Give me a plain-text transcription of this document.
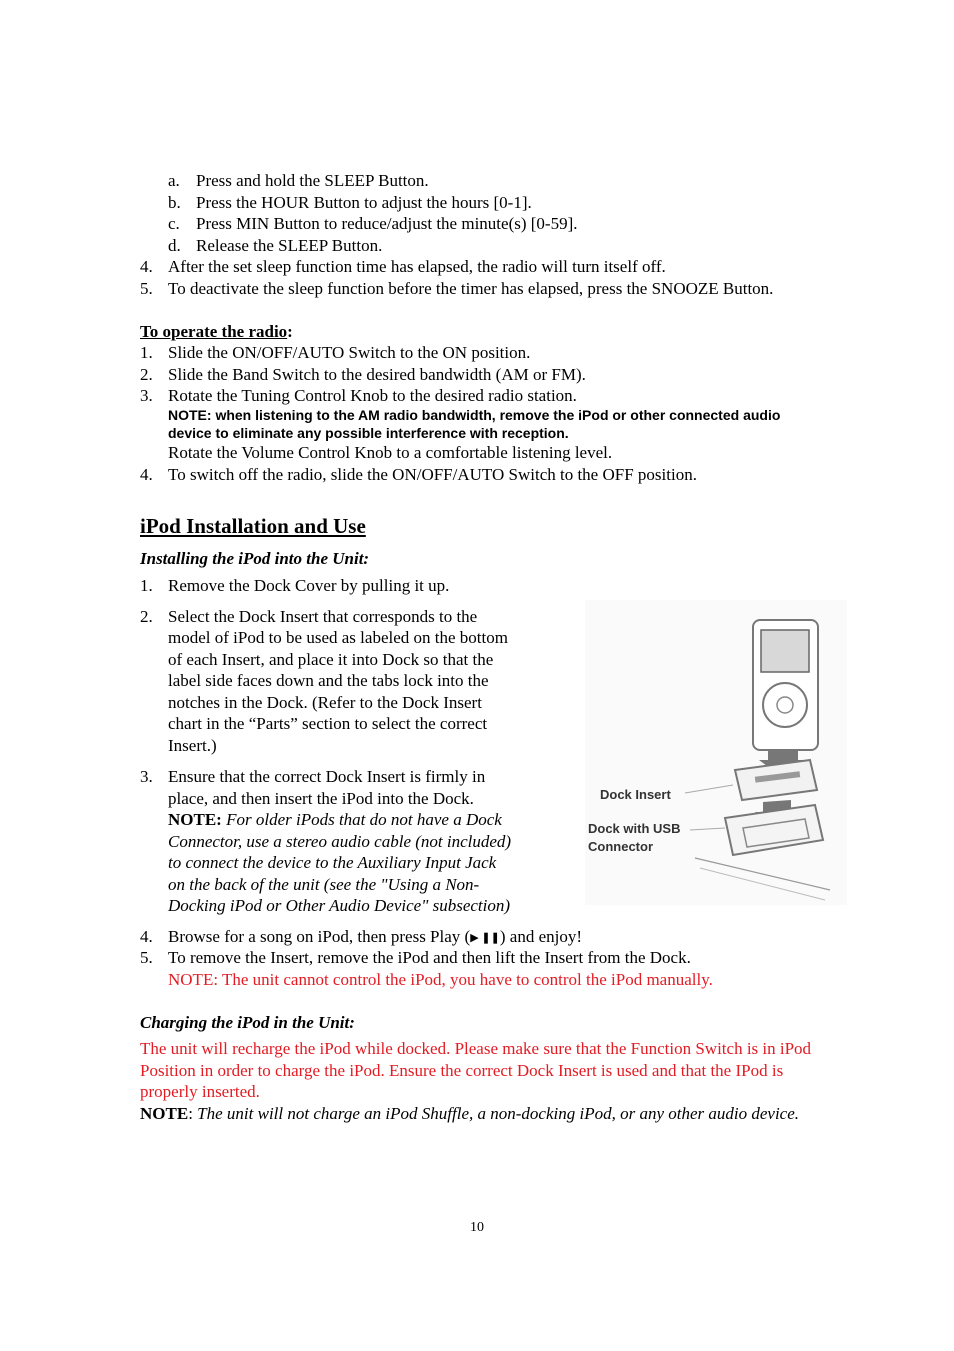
a. Press and hold the SLEEP Button.
b. Press the HOUR Button to adjust the hours [0-1].
c. Press MIN Button to reduce/adjust the minute(s) [0-59].
d. Release the SLEEP Button.
4. After the set sleep function time has elapsed, the radio will turn itself off.
5. To deactivate the sleep function before the timer has elapsed, press the SNOOZE Button.
To operate the radio:
1. Slide the ON/OFF/AUTO Switch to the ON position.
2. Slide the Band Switch to the desired bandwidth (AM or FM).
3. Rotate the Tuning Control Knob to the desired radio station.
NOTE: when listening to the AM radio bandwidth, remove the iPod or other connected audio
device to eliminate any possible interference with reception.
Rotate the Volume Control Knob to a comfortable listening level.
4. To switch off the radio, slide the ON/OFF/AUTO Switch to the OFF position.
iPod Installation and Use
Installing the iPod into the Unit:
1. Remove the Dock Cover by pulling it up.
2. Select the Dock Insert that corresponds to the
model of iPod to be used as labeled on the bottom
of each Insert, and place it into Dock so that the
label side faces down and the tabs lock into the
notches in the Dock. (Refer to the Dock Insert
chart in the “Parts” section to select the correct
Insert.)
3. Ensure that the correct Dock Insert is firmly in
place, and then insert the iPod into the Dock.
NOTE: For older iPods that do not have a Dock
Connector, use a stereo audio cable (not included)
to connect the device to the Auxiliary Input Jack
on the back of the unit (see the "Using a Non-
Docking iPod or Other Audio Device" subsection)
Dock Insert
Dock with USB
Connector
4. Browse for a song on iPod, then press Play (▶ ❚❚) and enjoy!
5. To remove the Insert, remove the iPod and then lift the Insert from the Dock.
NOTE: The unit cannot control the iPod, you have to control the iPod manually.
Charging the iPod in the Unit:
The unit will recharge the iPod while docked. Please make sure that the Function Switch is in iPod
Position in order to charge the iPod. Ensure the correct Dock Insert is used and that the IPod is
properly inserted.
NOTE: The unit will not charge an iPod Shuffle, a non-docking iPod, or any other audio device.
10
